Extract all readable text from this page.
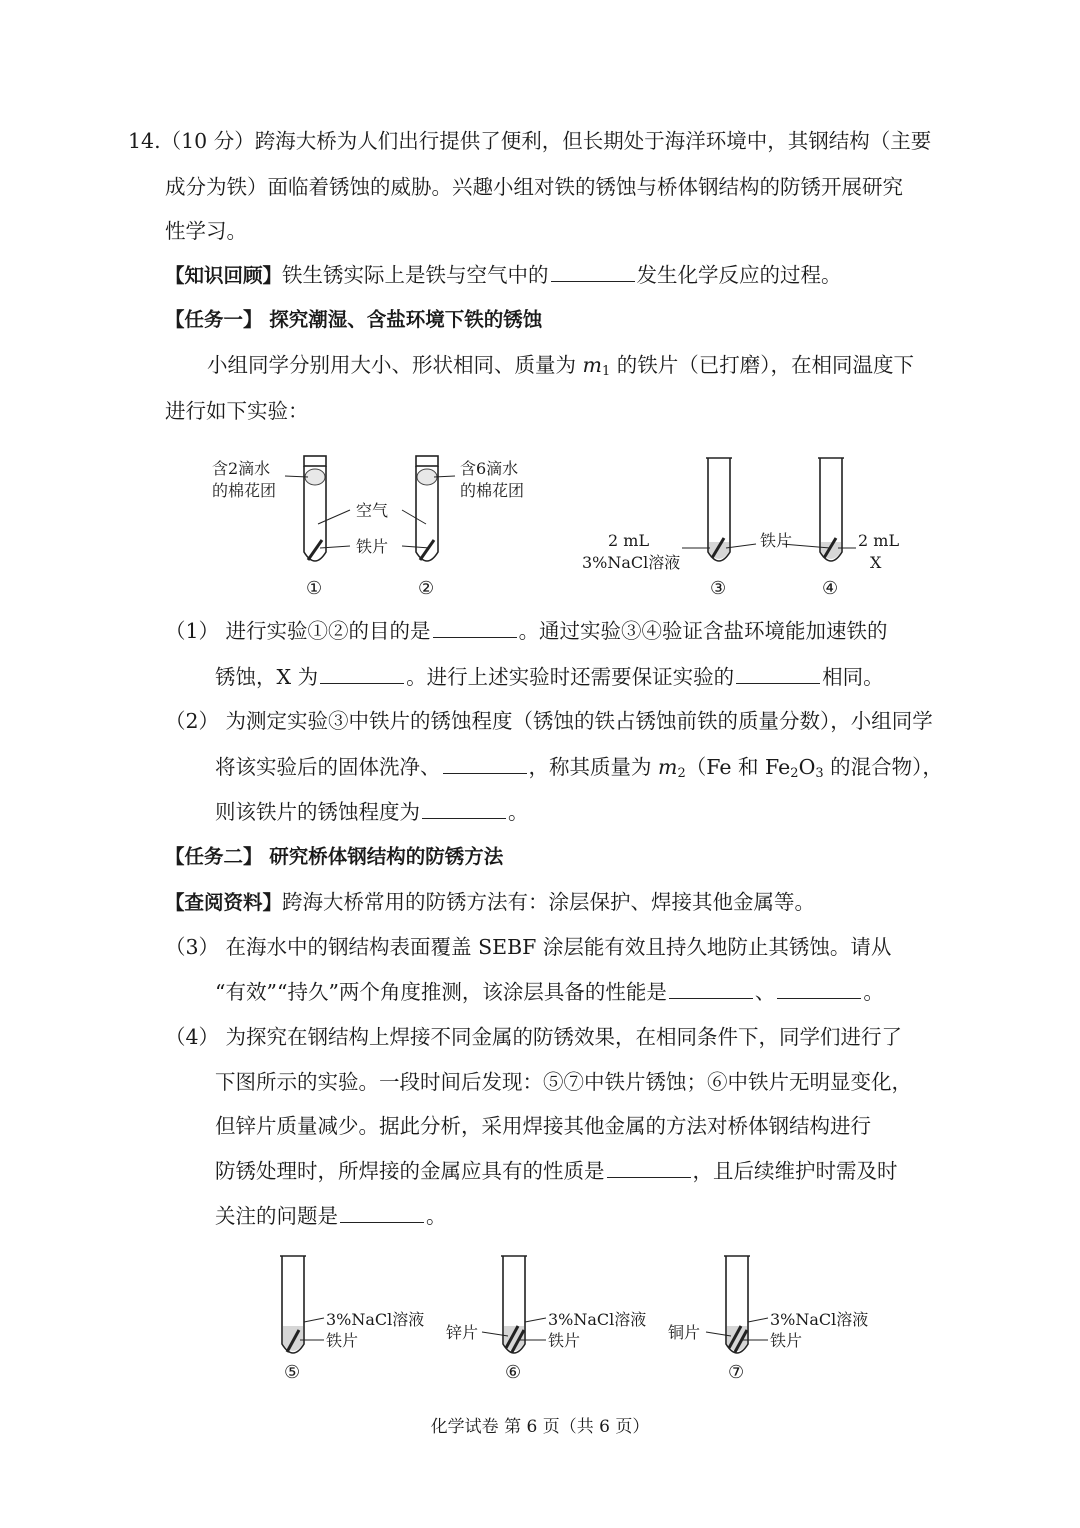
14.（10 分）跨海大桥为人们出行提供了便利，但长期处于海洋环境中，其钢结构（主要
成分为铁）面临着锈蚀的威胁。兴趣小组对铁的锈蚀与桥体钢结构的防锈开展研究
性学习。
【知识回顾】铁生锈实际上是铁与空气中的	发生化学反应的过程。
【任务一】 探究潮湿、含盐环境下铁的锈蚀
小组同学分别用大小、形状相同、质量为 $m_1$ 的铁片（已打磨），在相同温度下
进行如下实验：
含2滴水
的棉花团
含6滴水
的棉花团
空气
铁片
①	②
2 mL
3%NaCl溶液
铁片	2 mL
X
③	④
（1） 进行实验①②的目的是	。通过实验③④验证含盐环境能加速铁的
锈蚀，X 为	。进行上述实验时还需要保证实验的	相同。
（2） 为测定实验③中铁片的锈蚀程度（锈蚀的铁占锈蚀前铁的质量分数），小组同学
将该实验后的固体洗净、	，称其质量为 $m_2(Fe$ 和 $Fe_2O_3$ 的混合物），
则该铁片的锈蚀程度为	。
【任务二】 研究桥体钢结构的防锈方法
【查阅资料】跨海大桥常用的防锈方法有：涂层保护、焊接其他金属等。
（3） 在海水中的钢结构表面覆盖 SEBF 涂层能有效且持久地防止其锈蚀。请从
“有效”“持久”两个角度推测，该涂层具备的性能是	、	。
（4） 为探究在钢结构上焊接不同金属的防锈效果，在相同条件下，同学们进行了
下图所示的实验。一段时间后发现：⑤⑦中铁片锈蚀；⑥中铁片无明显变化，
但锌片质量减少。据此分析，采用焊接其他金属的方法对桥体钢结构进行
防锈处理时，所焊接的金属应具有的性质是	，且后续维护时需及时
关注的问题是	。
3%NaCl溶液
铁片
⑤
锌片
3%NaCl溶液
铁片
⑥
铜片
3%NaCl溶液
铁片
⑦
化学试卷 第 6 页（共 6 页）
